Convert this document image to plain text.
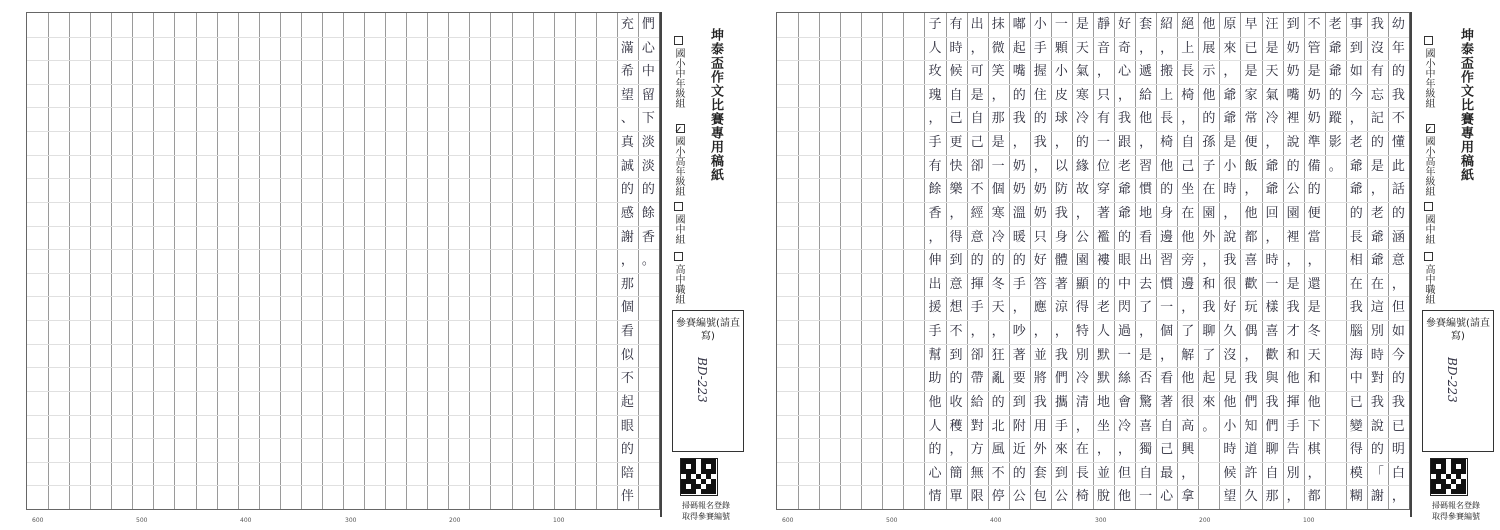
們
心
中
留
下
淡
淡
的
餘
香
。
充
滿
希
望
、
真
誠
的
感
謝
，
那
個
看
似
不
起
眼
的
陪
伴
坤泰盃作文比賽專用稿紙
國小中年級組
✓國小高年級組
國中組
高中職組
參賽編號(請直寫)
BD-223
掃碼報名登錄
取得參賽編號
600	500	400	300	200	100
幼
年
的
我
不
懂
此
話
的
涵
意
，
但
如
今
的
我
已
明
白
，
我
沒
有
忘
記
的
是
，
老
爺
爺
在
這
別
時
對
我
說
的
「
謝
事
到
如
今
，
老
爺
爺
的
長
相
在
我
腦
海
中
已
變
得
模
糊
老
爺
爺
的
蹤
影
。
不
管
是
奶
奶
準
備
的
便
當
，
還
是
冬
天
和
他
下
棋
，
都
到
奶
奶
嘴
裡
說
的
公
園
裡
，
是
我
才
和
他
揮
手
告
別
，
汪
是
天
氣
冷
，
爺
爺
回
，
時
一
樣
喜
歡
與
我
們
聊
自
那
早
已
是
家
常
便
飯
，
他
都
喜
歡
玩
偶
，
我
們
知
道
許
久
原
來
，
爺
爺
是
小
時
，
說
我
很
好
久
沒
見
他
小
時
候
望
他
展
示
他
的
孫
子
在
園
外
，
和
我
聊
了
起
來
。
絕
上
長
椅
，
自
己
坐
在
他
旁
邊
，
了
解
他
很
高
興
，
拿
紹
，
搬
上
長
椅
他
的
身
邊
習
慣
一
個
，
看
著
自
己
最
心
套
，
遞
給
他
，
習
慣
地
看
出
去
了
，
是
否
驚
喜
獨
自
一
好
奇
心
，
我
跟
老
爺
爺
的
眼
中
閃
過
一
絲
會
冷
，
但
他
靜
音
，
只
有
一
位
穿
著
襤
褸
的
老
人
默
默
地
坐
，
並
脫
是
天
氣
寒
冷
的
緣
故
，
公
園
顯
得
特
別
冷
清
，
在
長
椅
一
顆
小
皮
球
，
以
防
我
身
體
著
涼
，
我
們
攜
手
來
到
公
小
手
握
住
的
我
，
奶
奶
只
好
答
應
，
並
將
我
用
外
套
包
嘟
起
嘴
的
我
，
奶
奶
溫
暖
的
手
，
吵
著
要
到
附
近
的
公
抹
微
笑
，
那
是
一
個
寒
冷
的
冬
天
，
狂
亂
的
北
風
不
停
出
，
可
是
自
己
卻
不
經
意
的
揮
手
，
卻
帶
給
對
方
無
限
有
時
候
自
己
更
快
樂
，
得
到
意
想
不
到
的
收
穫
，
簡
單
子
人
玫
瑰
，
手
有
餘
香
，
伸
出
援
手
幫
助
他
人
的
心
情
坤泰盃作文比賽專用稿紙
國小中年級組
✓國小高年級組
國中組
高中職組
參賽編號(請直寫)
BD-223
掃碼報名登錄
取得參賽編號
600	500	400	300	200	100
